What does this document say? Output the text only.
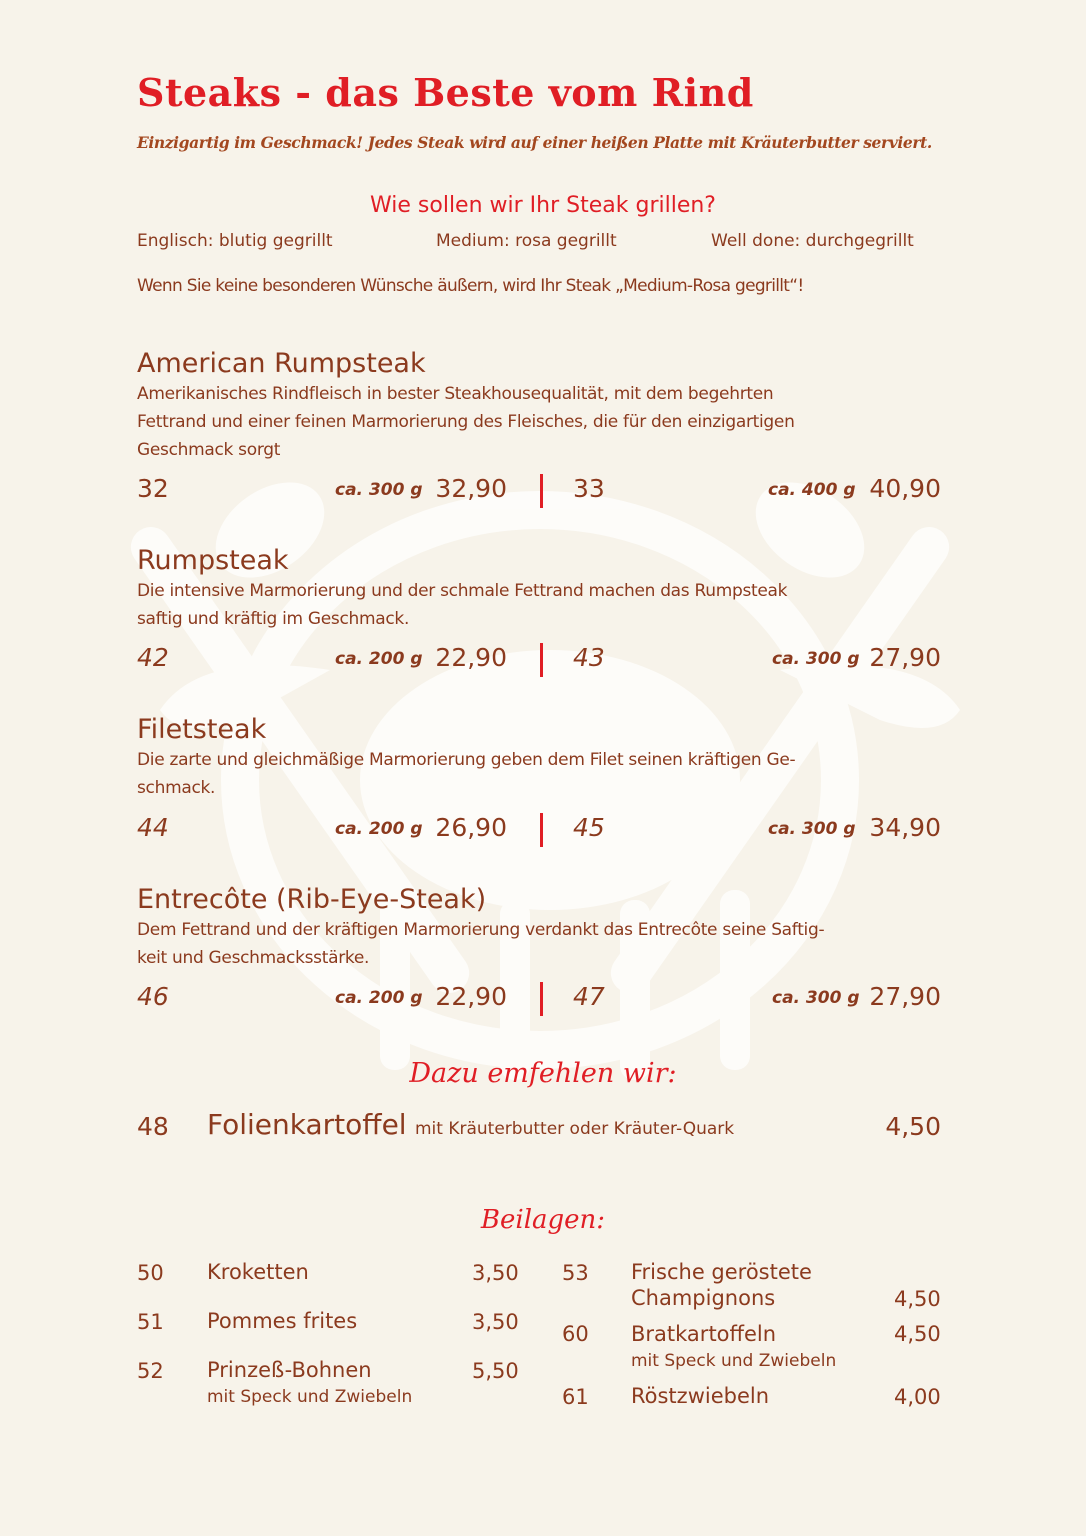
Steaks - das Beste vom Rind
Einzigartig im Geschmack! Jedes Steak wird auf einer heißen Platte mit Kräuterbutter serviert.
Wie sollen wir Ihr Steak grillen?
Englisch: blutig gegrillt	Medium: rosa gegrillt	Well done: durchgegrillt
Wenn Sie keine besonderen Wünsche äußern, wird Ihr Steak „Medium-Rosa gegrillt“!
American Rumpsteak
Amerikanisches Rindfleisch in bester Steakhousequalität, mit dem begehrten
Fettrand und einer feinen Marmorierung des Fleisches, die für den einzigartigen
Geschmack sorgt
32	ca. 300 g 32,90	33	ca. 400 g 40,90
Rumpsteak
Die intensive Marmorierung und der schmale Fettrand machen das Rumpsteak
saftig und kräftig im Geschmack.
42	ca. 200 g 22,90	43	ca. 300 g 27,90
Filetsteak
Die zarte und gleichmäßige Marmorierung geben dem Filet seinen kräftigen Ge-
schmack.
44	ca. 200 g 26,90	45	ca. 300 g 34,90
Entrecôte (Rib-Eye-Steak)
Dem Fettrand und der kräftigen Marmorierung verdankt das Entrecôte seine Saftig-
keit und Geschmacksstärke.
46	ca. 200 g 22,90	47	ca. 300 g 27,90
Dazu emfehlen wir:
48 Folienkartoffel mit Kräuterbutter oder Kräuter-Quark	4,50
Beilagen:
50 Kroketten	3,50
51 Pommes frites	3,50
52 Prinzeß-Bohnen	5,50
mit Speck und Zwiebeln
53 Frische geröstete
Champignons	4,50
60 Bratkartoffeln	4,50
mit Speck und Zwiebeln
61 Röstzwiebeln	4,00
